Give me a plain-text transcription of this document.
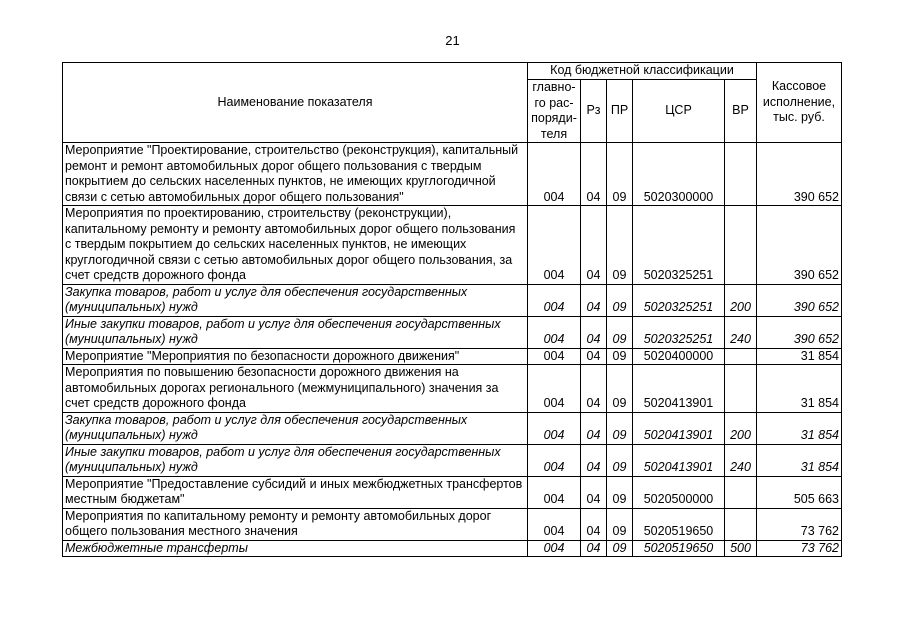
21
Наименование показателя	Код бюджетной классификации					Кассовое исполнение, тыс. руб.
	главно-го рас-поряди-теля	Рз	ПР	ЦСР	ВР	
Мероприятие "Проектирование, строительство (реконструкция), капитальный ремонт и ремонт автомобильных дорог общего пользования с твердым покрытием до сельских населенных пунктов, не имеющих круглогодичной связи с сетью автомобильных дорог общего пользования"	004	04	09	5020300000		390 652
Мероприятия по проектированию, строительству (реконструкции), капитальному ремонту и ремонту автомобильных дорог общего пользования с твердым покрытием до сельских населенных пунктов, не имеющих круглогодичной связи с сетью автомобильных дорог общего пользования, за счет средств дорожного фонда	004	04	09	5020325251		390 652
Закупка товаров, работ и услуг для обеспечения государственных (муниципальных) нужд	004	04	09	5020325251	200	390 652
Иные закупки товаров, работ и услуг для обеспечения государственных (муниципальных) нужд	004	04	09	5020325251	240	390 652
Мероприятие "Мероприятия по безопасности дорожного движения"	004	04	09	5020400000		31 854
Мероприятия по повышению безопасности дорожного движения на автомобильных дорогах регионального (межмуниципального) значения за счет средств дорожного фонда	004	04	09	5020413901		31 854
Закупка товаров, работ и услуг для обеспечения государственных (муниципальных) нужд	004	04	09	5020413901	200	31 854
Иные закупки товаров, работ и услуг для обеспечения государственных (муниципальных) нужд	004	04	09	5020413901	240	31 854
Мероприятие "Предоставление субсидий и иных межбюджетных трансфертов местным бюджетам"	004	04	09	5020500000		505 663
Мероприятия по капитальному ремонту и ремонту автомобильных дорог общего пользования местного значения	004	04	09	5020519650		73 762
Межбюджетные трансферты	004	04	09	5020519650	500	73 762
